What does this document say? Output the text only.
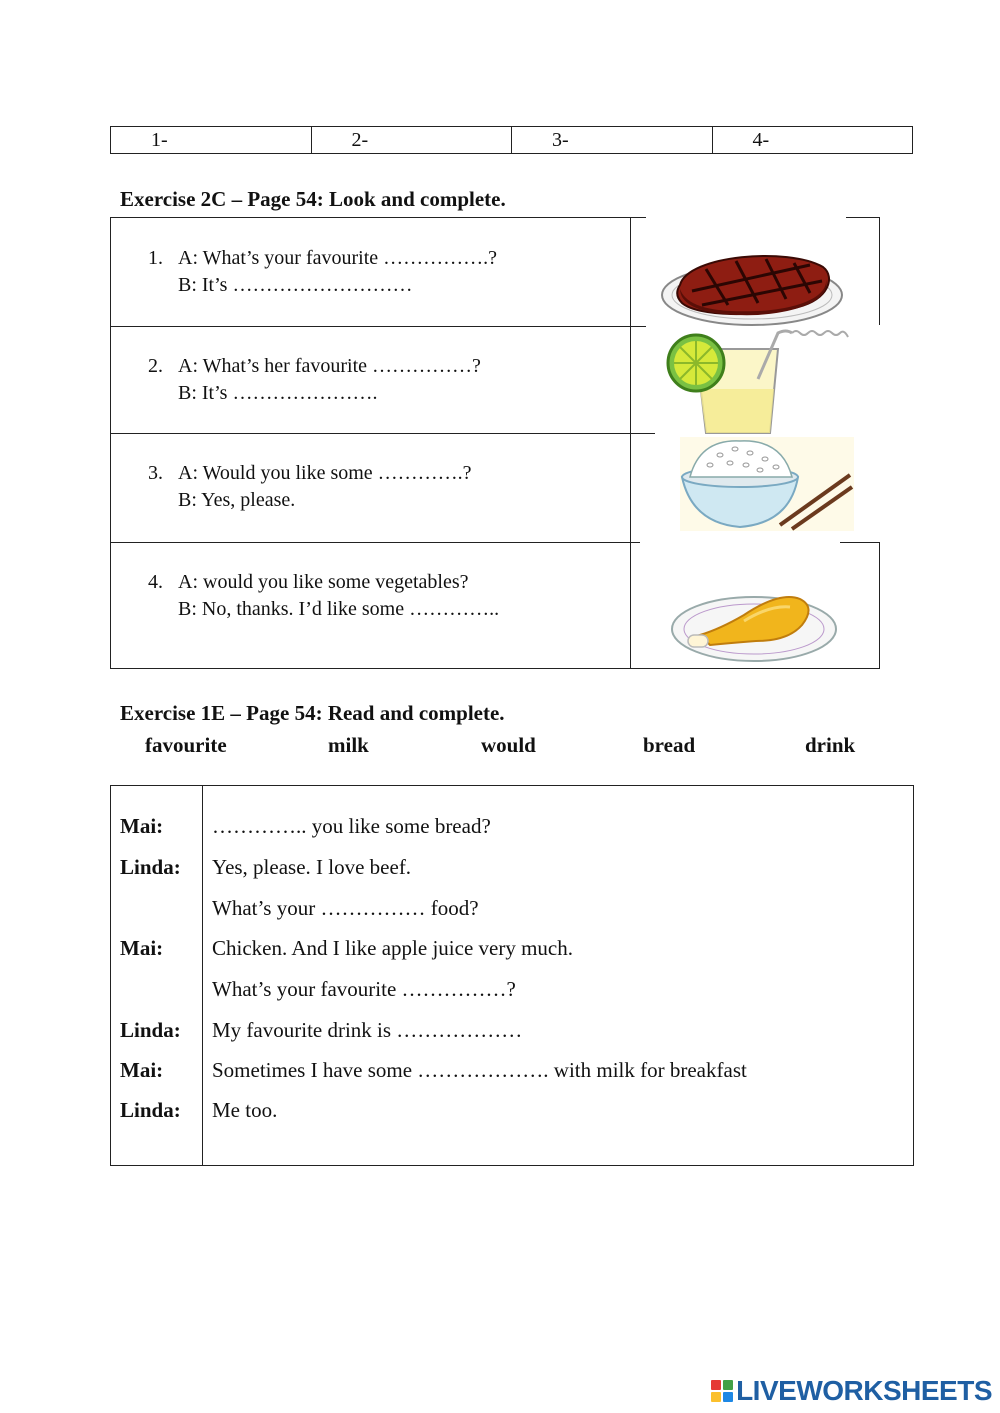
1-	2-	3-	4-
Exercise 2C – Page 54: Look and complete.
1. A: What’s your favourite …………….?
B: It’s ………………………
2. A: What’s her favourite ……………?
B: It’s ………………….
3. A: Would you like some ………….?
B: Yes, please.
4. A: would you like some vegetables?
B: No, thanks. I’d like some …………..
Exercise 1E – Page 54: Read and complete.
favourite	milk	would	bread	drink
Mai: ………….. you like some bread?
Linda: Yes, please. I love beef.
What’s your …………… food?
Mai: Chicken. And I like apple juice very much.
What’s your favourite ……………?
Linda: My favourite drink is ………………
Mai: Sometimes I have some ………………. with milk for breakfast
Linda: Me too.
LIVEWORKSHEETS
